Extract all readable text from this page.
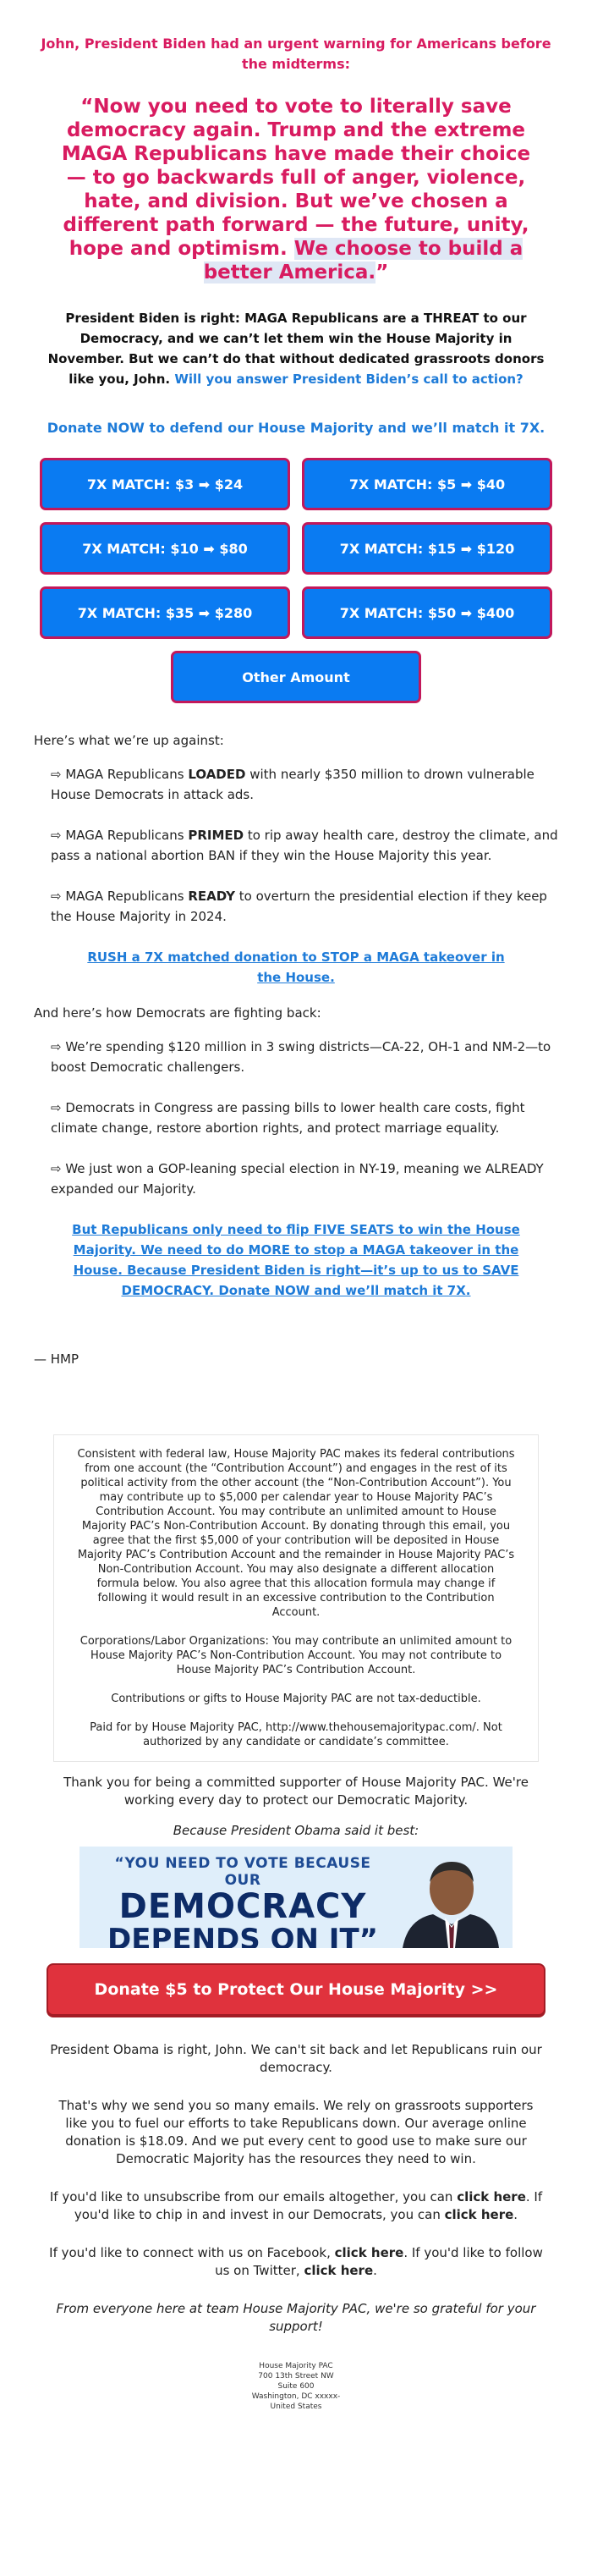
John, President Biden had an urgent warning for Americans before the midterms:
“Now you need to vote to literally save democracy again. Trump and the extreme MAGA Republicans have made their choice — to go backwards full of anger, violence, hate, and division. But we’ve chosen a different path forward — the future, unity, hope and optimism. We choose to build a better America.”
President Biden is right: MAGA Republicans are a THREAT to our Democracy, and we can’t let them win the House Majority in November. But we can’t do that without dedicated grassroots donors like you, John. Will you answer President Biden’s call to action?
Donate NOW to defend our House Majority and we’ll match it 7X.
7X MATCH: $3 ➡ $24	7X MATCH: $5 ➡ $40
7X MATCH: $10 ➡ $80	7X MATCH: $15 ➡ $120
7X MATCH: $35 ➡ $280	7X MATCH: $50 ➡ $400
Other Amount
Here’s what we’re up against:

⇨ MAGA Republicans LOADED with nearly $350 million to drown vulnerable House Democrats in attack ads.

⇨ MAGA Republicans PRIMED to rip away health care, destroy the climate, and pass a national abortion BAN if they win the House Majority this year.

⇨ MAGA Republicans READY to overturn the presidential election if they keep the House Majority in 2024.

RUSH a 7X matched donation to STOP a MAGA takeover in the House.
And here’s how Democrats are fighting back:

⇨ We’re spending $120 million in 3 swing districts—CA-22, OH-1 and NM-2—to boost Democratic challengers.

⇨ Democrats in Congress are passing bills to lower health care costs, fight climate change, restore abortion rights, and protect marriage equality.

⇨ We just won a GOP-leaning special election in NY-19, meaning we ALREADY expanded our Majority.

But Republicans only need to flip FIVE SEATS to win the House Majority. We need to do MORE to stop a MAGA takeover in the House. Because President Biden is right—it’s up to us to SAVE DEMOCRACY. Donate NOW and we’ll match it 7X.
— HMP

Consistent with federal law, House Majority PAC makes its federal contributions from one account (the “Contribution Account”) and engages in the rest of its political activity from the other account (the “Non-Contribution Account”). You may contribute up to $5,000 per calendar year to House Majority PAC’s Contribution Account. You may contribute an unlimited amount to House Majority PAC’s Non-Contribution Account. By donating through this email, you agree that the first $5,000 of your contribution will be deposited in House Majority PAC’s Contribution Account and the remainder in House Majority PAC’s Non-Contribution Account. You may also designate a different allocation formula below. You also agree that this allocation formula may change if following it would result in an excessive contribution to the Contribution Account.

Corporations/Labor Organizations: You may contribute an unlimited amount to House Majority PAC’s Non-Contribution Account. You may not contribute to House Majority PAC’s Contribution Account.

Contributions or gifts to House Majority PAC are not tax-deductible.

Paid for by House Majority PAC, http://www.thehousemajoritypac.com/. Not authorized by any candidate or candidate’s committee.

Thank you for being a committed supporter of House Majority PAC. We're working every day to protect our Democratic Majority.
Because President Obama said it best:
“YOU NEED TO VOTE BECAUSE OUR
DEMOCRACY
DEPENDS ON IT”
Donate $5 to Protect Our House Majority >>
President Obama is right, John. We can't sit back and let Republicans ruin our democracy.
That's why we send you so many emails. We rely on grassroots supporters like you to fuel our efforts to take Republicans down. Our average online donation is $18.09. And we put every cent to good use to make sure our Democratic Majority has the resources they need to win.
If you'd like to unsubscribe from our emails altogether, you can click here. If you'd like to chip in and invest in our Democrats, you can click here.
If you'd like to connect with us on Facebook, click here. If you'd like to follow us on Twitter, click here.
From everyone here at team House Majority PAC, we're so grateful for your support!
House Majority PAC
700 13th Street NW
Suite 600
Washington, DC xxxxx-
United States
